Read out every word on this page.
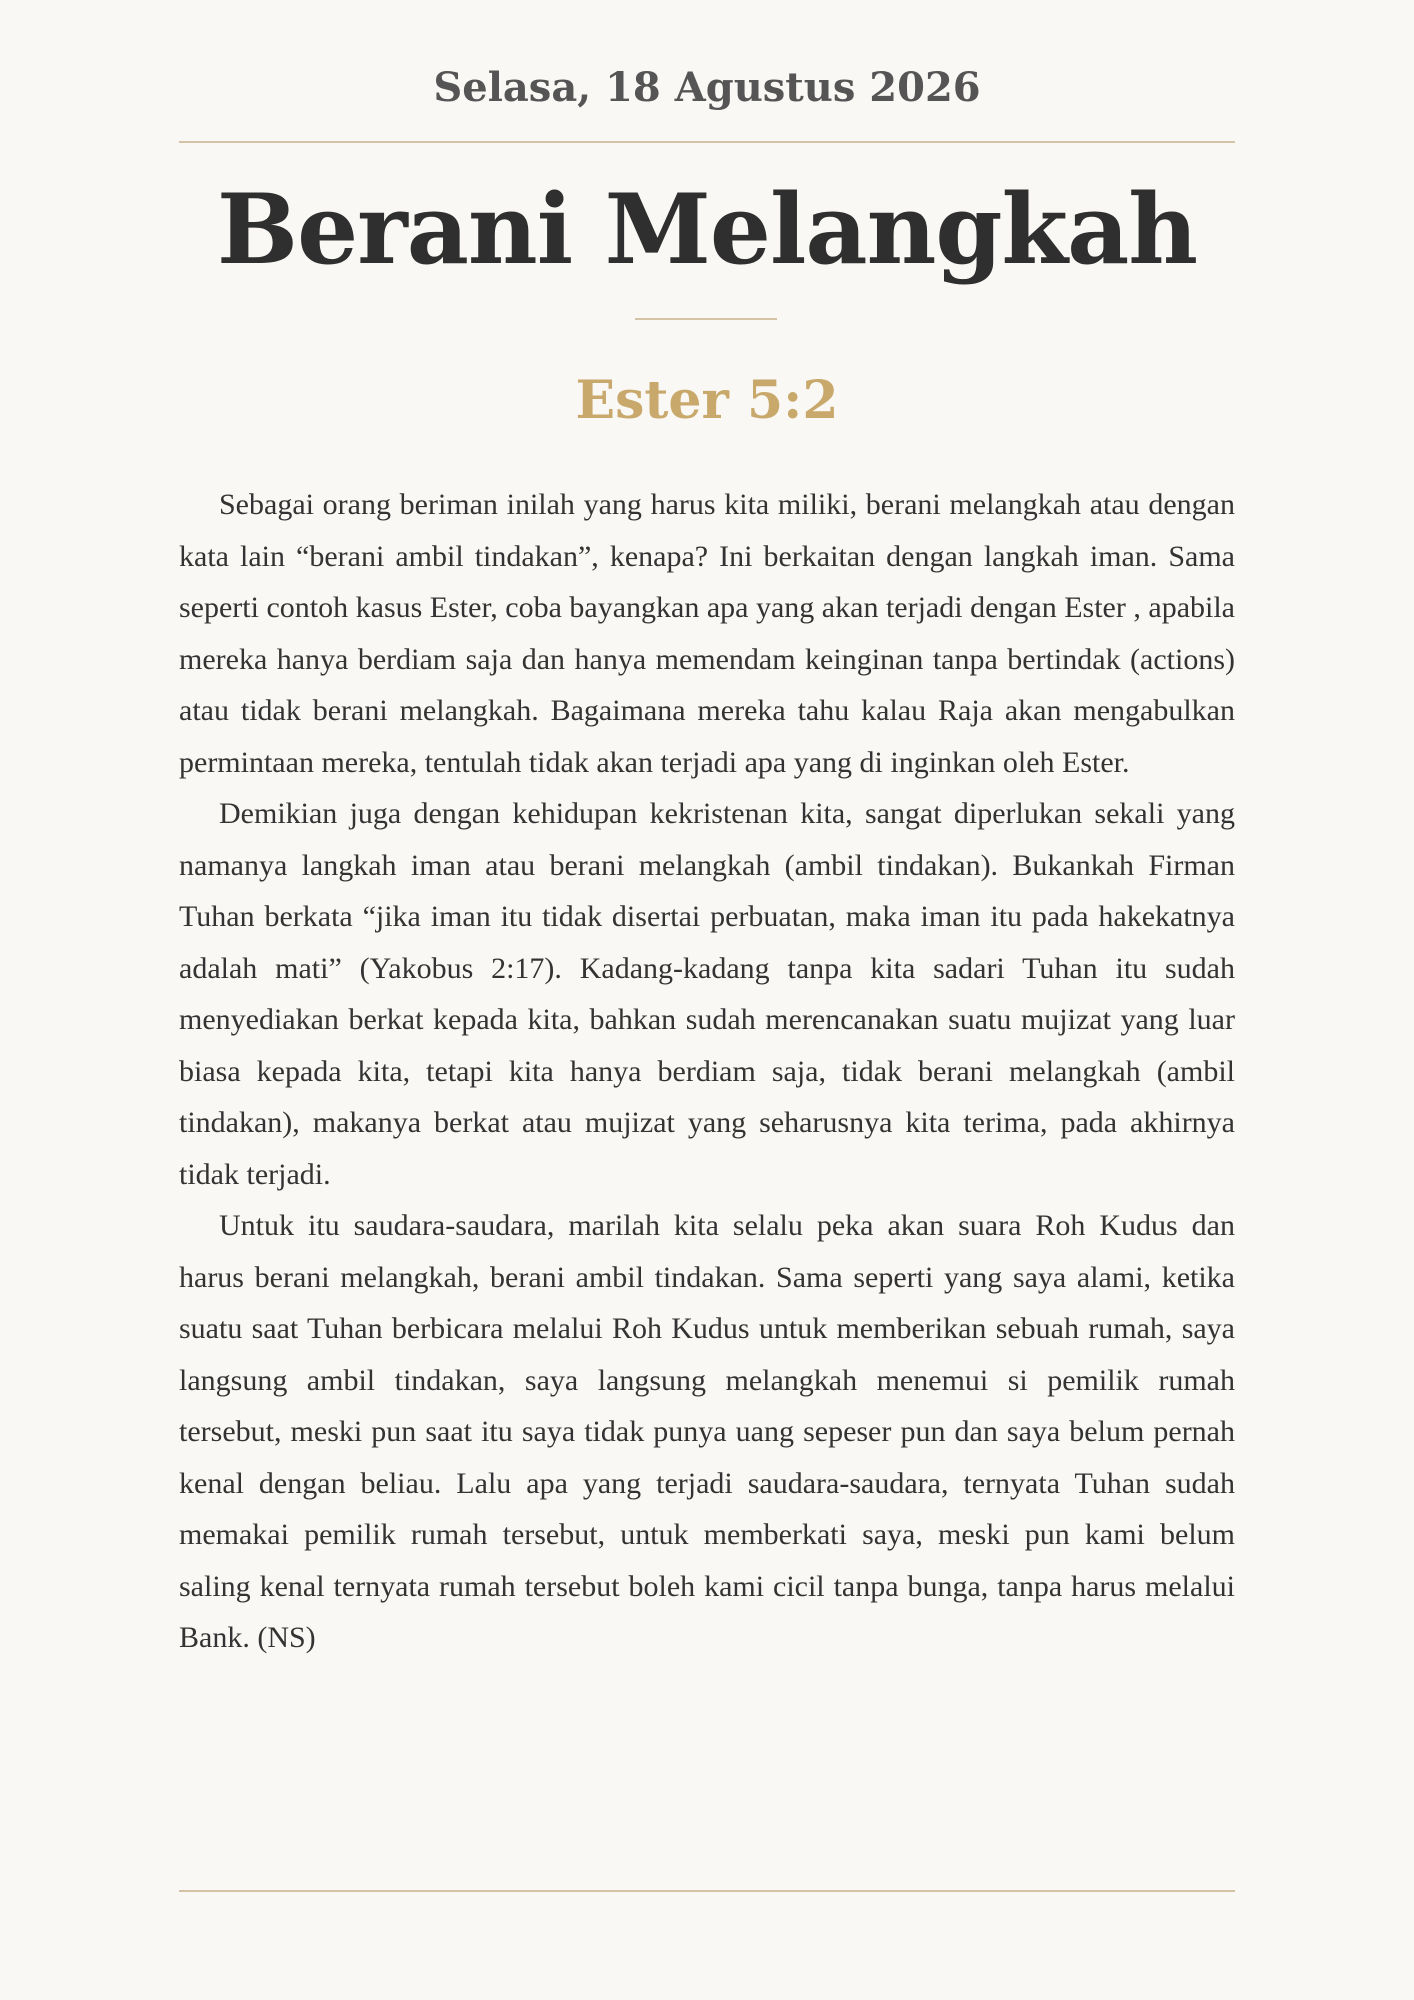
Selasa, 18 Agustus 2026
Berani Melangkah
Ester 5:2

Sebagai orang beriman inilah yang harus kita miliki, berani melangkah atau dengan kata lain “berani ambil tindakan”, kenapa? Ini berkaitan dengan langkah iman. Sama seperti contoh kasus Ester, coba bayangkan apa yang akan terjadi dengan Ester , apabila mereka hanya berdiam saja dan hanya memendam keinginan tanpa bertindak (actions) atau tidak berani melangkah. Bagaimana mereka tahu kalau Raja akan mengabulkan permintaan mereka, tentulah tidak akan terjadi apa yang di inginkan oleh Ester.

Demikian juga dengan kehidupan kekristenan kita, sangat diperlukan sekali yang namanya langkah iman atau berani melangkah (ambil tindakan). Bukankah Firman Tuhan berkata “jika iman itu tidak disertai perbuatan, maka iman itu pada hakekatnya adalah mati” (Yakobus 2:17). Kadang-kadang tanpa kita sadari Tuhan itu sudah menyediakan berkat kepada kita, bahkan sudah merencanakan suatu mujizat yang luar biasa kepada kita, tetapi kita hanya berdiam saja, tidak berani melangkah (ambil tindakan), makanya berkat atau mujizat yang seharusnya kita terima, pada akhirnya tidak terjadi.

Untuk itu saudara-saudara, marilah kita selalu peka akan suara Roh Kudus dan harus berani melangkah, berani ambil tindakan. Sama seperti yang saya alami, ketika suatu saat Tuhan berbicara melalui Roh Kudus untuk memberikan sebuah rumah, saya langsung ambil tindakan, saya langsung melangkah menemui si pemilik rumah tersebut, meski pun saat itu saya tidak punya uang sepeser pun dan saya belum pernah kenal dengan beliau. Lalu apa yang terjadi saudara-saudara, ternyata Tuhan sudah memakai pemilik rumah tersebut, untuk memberkati saya, meski pun kami belum saling kenal ternyata rumah tersebut boleh kami cicil tanpa bunga, tanpa harus melalui Bank. (NS)
